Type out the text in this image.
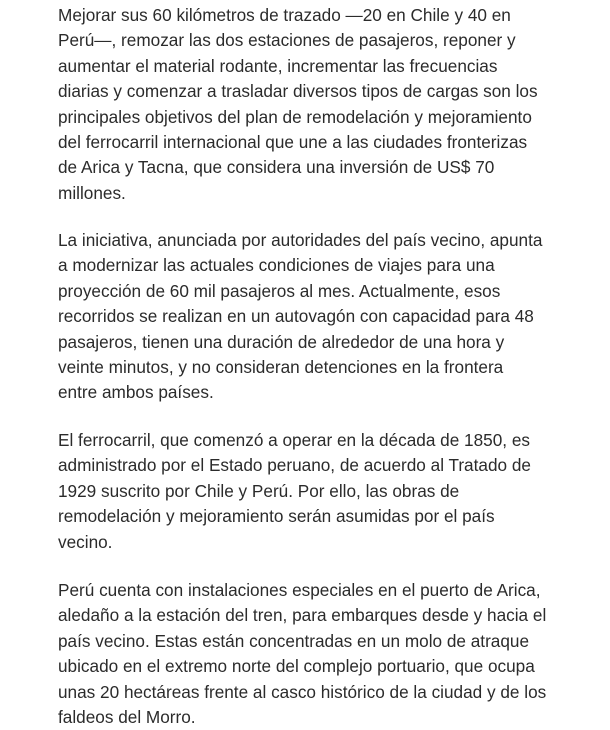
Mejorar sus 60 kilómetros de trazado —20 en Chile y 40 en
Perú—, remozar las dos estaciones de pasajeros, reponer y
aumentar el material rodante, incrementar las frecuencias
diarias y comenzar a trasladar diversos tipos de cargas son los
principales objetivos del plan de remodelación y mejoramiento
del ferrocarril internacional que une a las ciudades fronterizas
de Arica y Tacna, que considera una inversión de US$ 70
millones.

La iniciativa, anunciada por autoridades del país vecino, apunta
a modernizar las actuales condiciones de viajes para una
proyección de 60 mil pasajeros al mes. Actualmente, esos
recorridos se realizan en un autovagón con capacidad para 48
pasajeros, tienen una duración de alrededor de una hora y
veinte minutos, y no consideran detenciones en la frontera
entre ambos países.

El ferrocarril, que comenzó a operar en la década de 1850, es
administrado por el Estado peruano, de acuerdo al Tratado de
1929 suscrito por Chile y Perú. Por ello, las obras de
remodelación y mejoramiento serán asumidas por el país
vecino.

Perú cuenta con instalaciones especiales en el puerto de Arica,
aledaño a la estación del tren, para embarques desde y hacia el
país vecino. Estas están concentradas en un molo de atraque
ubicado en el extremo norte del complejo portuario, que ocupa
unas 20 hectáreas frente al casco histórico de la ciudad y de los
faldeos del Morro.
